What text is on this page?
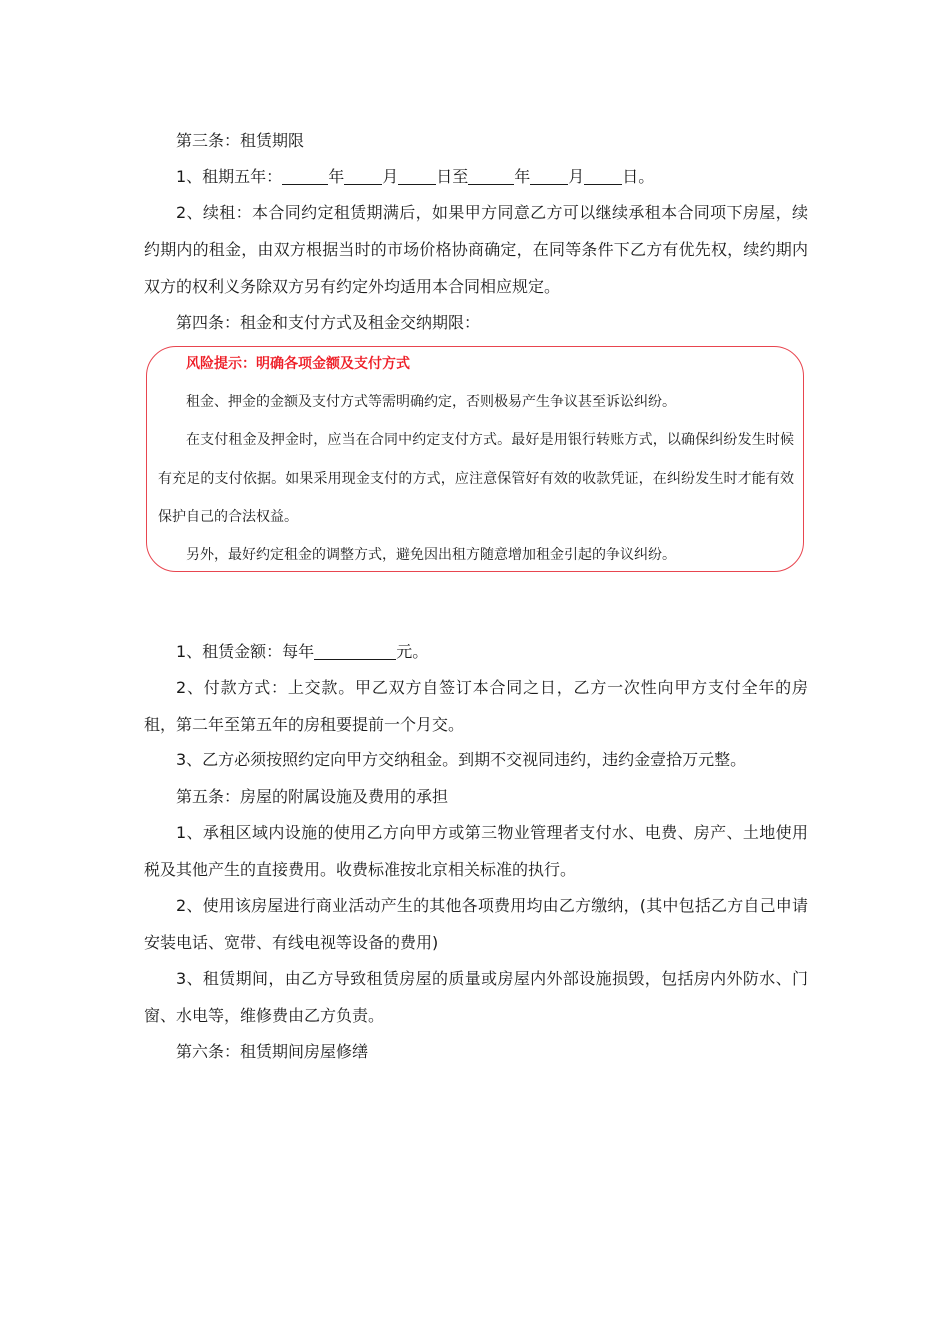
第三条：租赁期限

1、租期五年：	年 月 日至	年 月 日。

2、续租：本合同约定租赁期满后，如果甲方同意乙方可以继续承租本合同项下房屋，续约期内的租金，由双方根据当时的市场价格协商确定，在同等条件下乙方有优先权，续约期内双方的权利义务除双方另有约定外均适用本合同相应规定。

第四条：租金和支付方式及租金交纳期限：

风险提示：明确各项金额及支付方式

租金、押金的金额及支付方式等需明确约定，否则极易产生争议甚至诉讼纠纷。

在支付租金及押金时，应当在合同中约定支付方式。最好是用银行转账方式，以确保纠纷发生时候有充足的支付依据。如果采用现金支付的方式，应注意保管好有效的收款凭证，在纠纷发生时才能有效保护自己的合法权益。

另外，最好约定租金的调整方式，避免因出租方随意增加租金引起的争议纠纷。

1、租赁金额：每年	元。

2、付款方式：上交款。甲乙双方自签订本合同之日，乙方一次性向甲方支付全年的房租，第二年至第五年的房租要提前一个月交。

3、乙方必须按照约定向甲方交纳租金。到期不交视同违约，违约金壹拾万元整。

第五条：房屋的附属设施及费用的承担

1、承租区域内设施的使用乙方向甲方或第三物业管理者支付水、电费、房产、土地使用税及其他产生的直接费用。收费标准按北京相关标准的执行。

2、使用该房屋进行商业活动产生的其他各项费用均由乙方缴纳，(其中包括乙方自己申请安装电话、宽带、有线电视等设备的费用)

3、租赁期间，由乙方导致租赁房屋的质量或房屋内外部设施损毁，包括房内外防水、门窗、水电等，维修费由乙方负责。

第六条：租赁期间房屋修缮
